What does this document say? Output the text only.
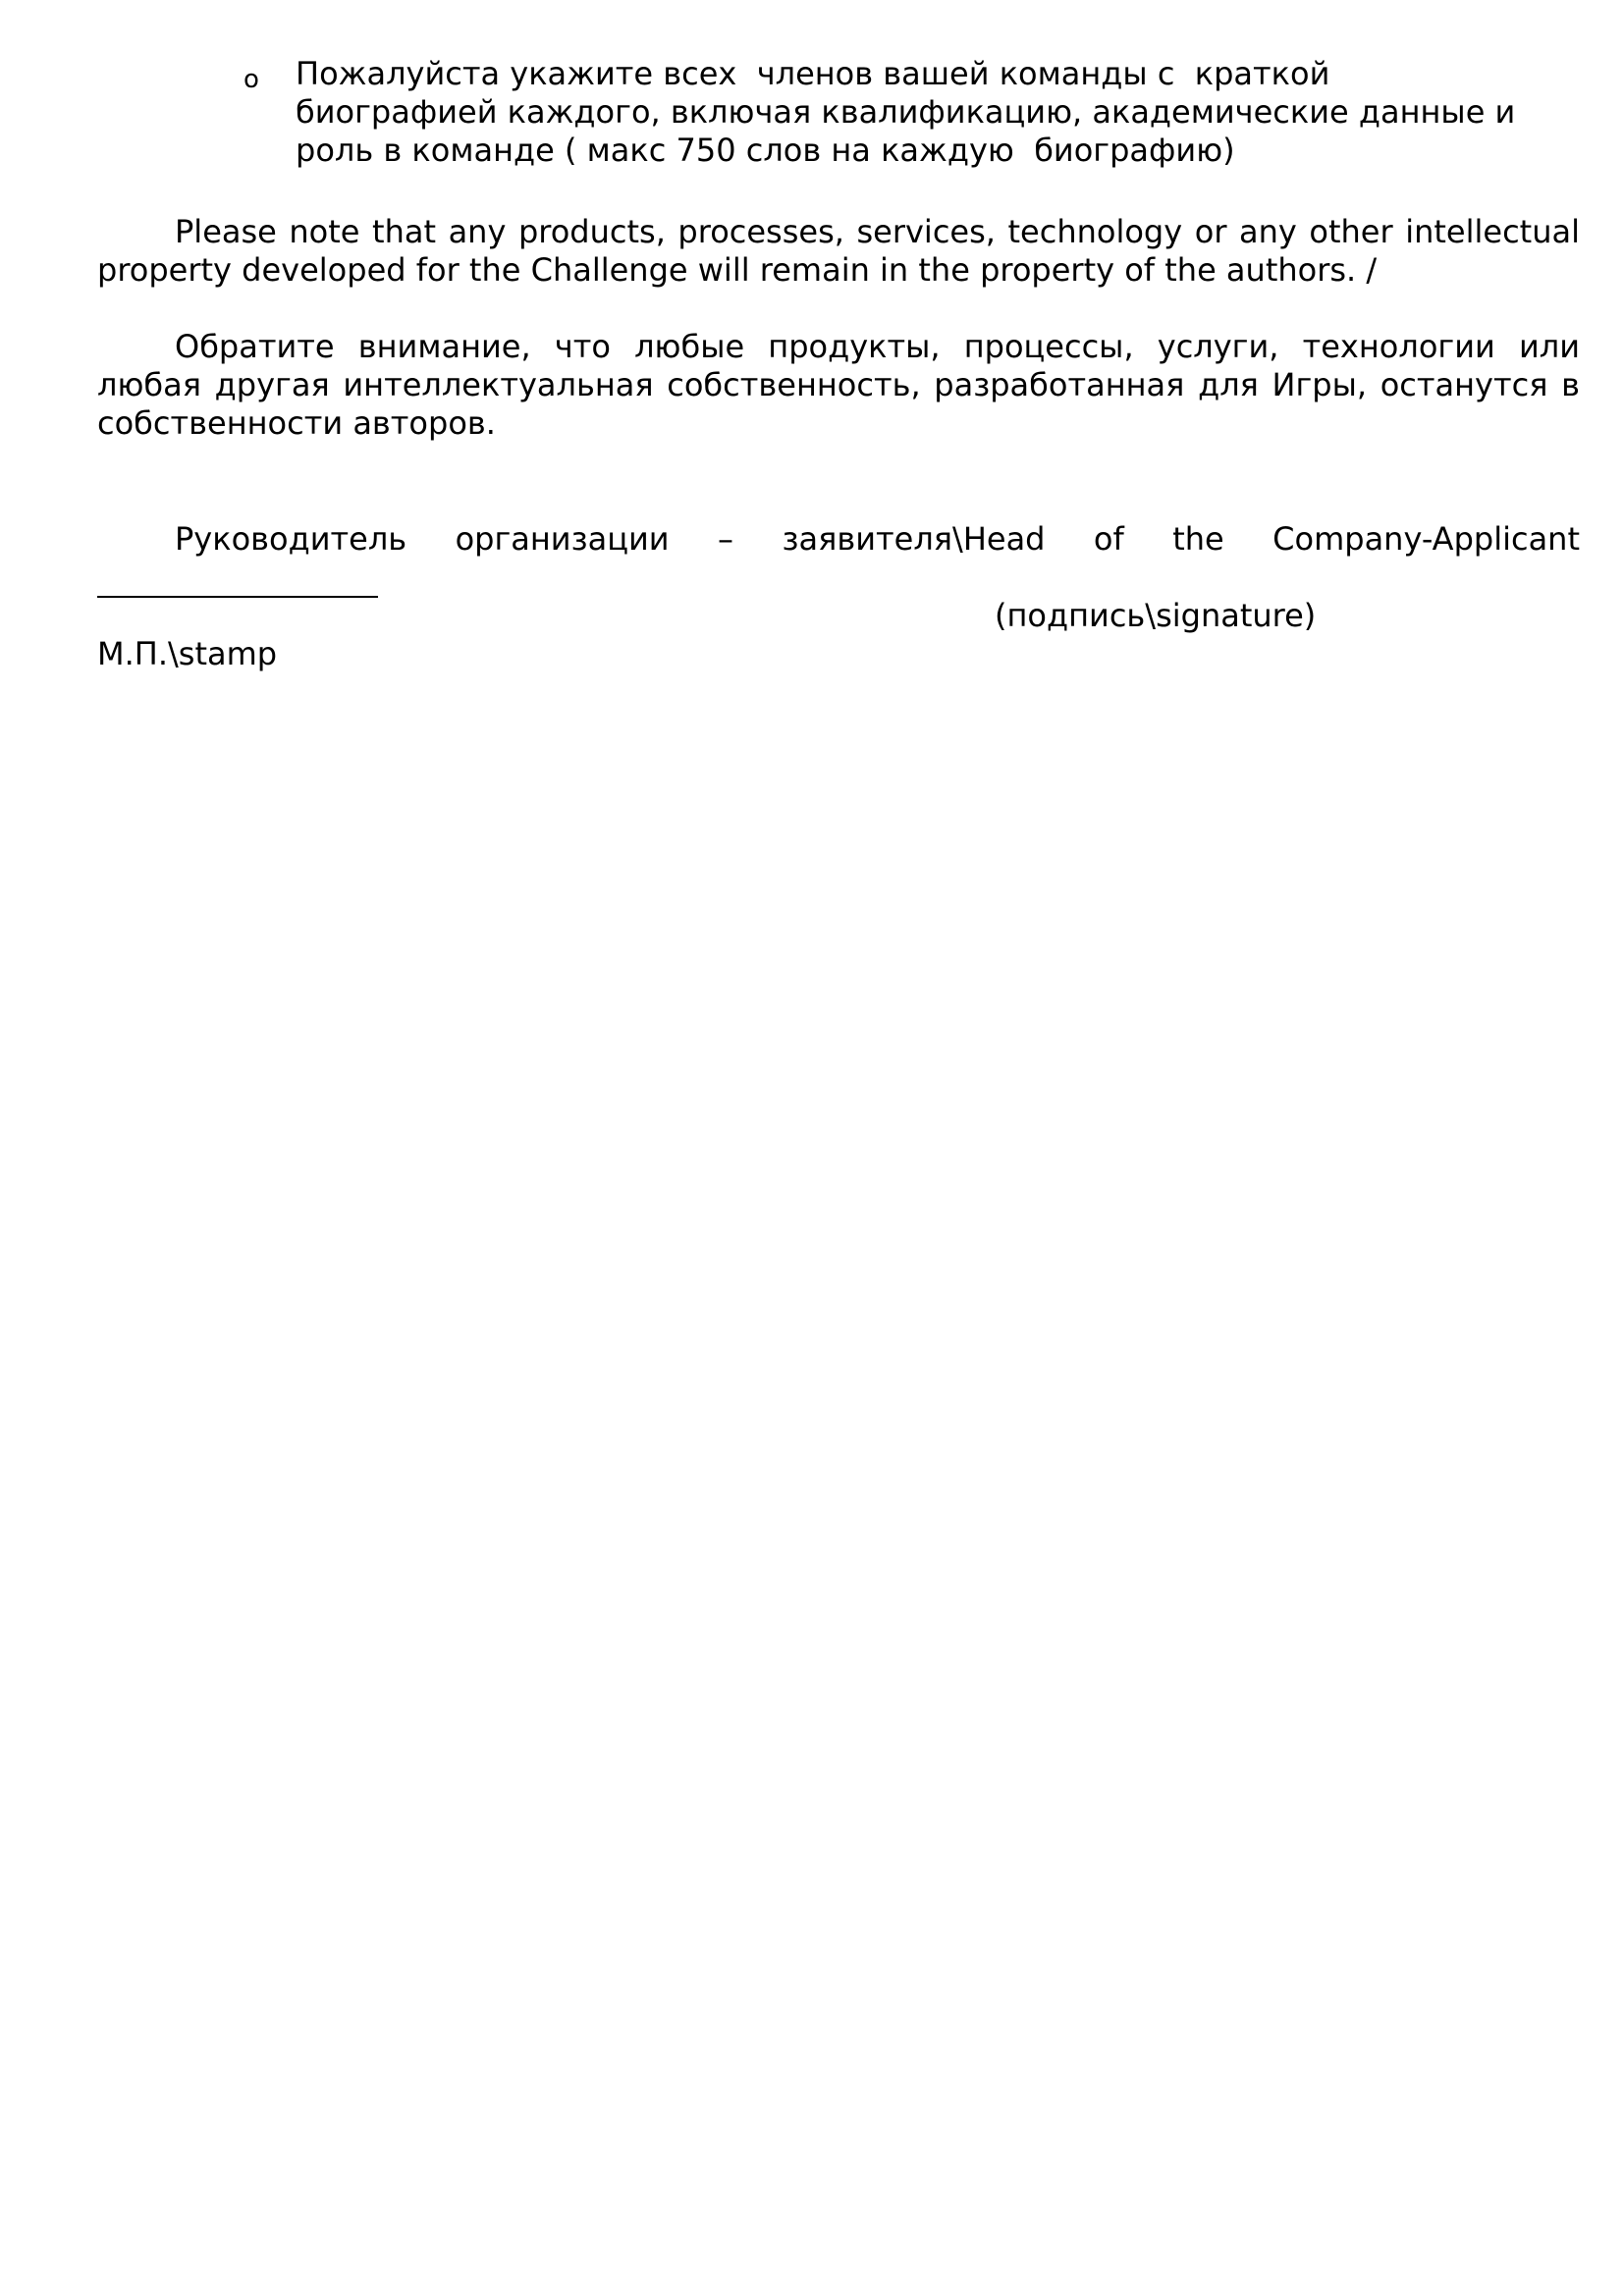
o Пожалуйста укажите всех  членов вашей команды с  краткой
биографией каждого, включая квалификацию, академические данные и
роль в команде ( макс 750 слов на каждую  биографию)

Please note that any products, processes, services, technology or any other intellectual property developed for the Challenge will remain in the property of the authors. /

Обратите внимание, что любые продукты, процессы, услуги, технологии или любая другая интеллектуальная собственность, разработанная для Игры, останутся в собственности авторов.

Руководитель организации – заявителя\Head of the Company-Applicant
(подпись\signature)
М.П.\stamp
